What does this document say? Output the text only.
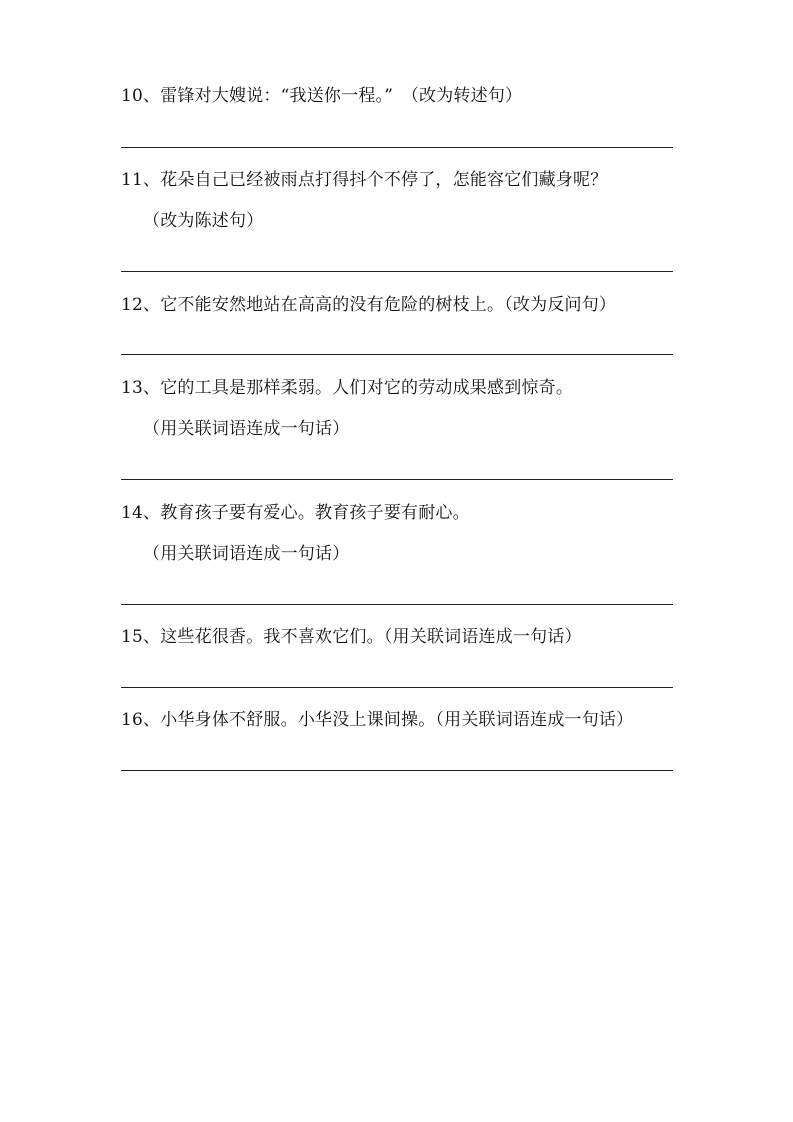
10、雷锋对大嫂说：“我送你一程。”　（改为转述句）
11、花朵自己已经被雨点打得抖个不停了，怎能容它们藏身呢？
（改为陈述句）
12、它不能安然地站在高高的没有危险的树枝上。（改为反问句）
13、它的工具是那样柔弱。人们对它的劳动成果感到惊奇。
（用关联词语连成一句话）
14、教育孩子要有爱心。教育孩子要有耐心。
（用关联词语连成一句话）
15、这些花很香。我不喜欢它们。（用关联词语连成一句话）
16、小华身体不舒服。小华没上课间操。（用关联词语连成一句话）
